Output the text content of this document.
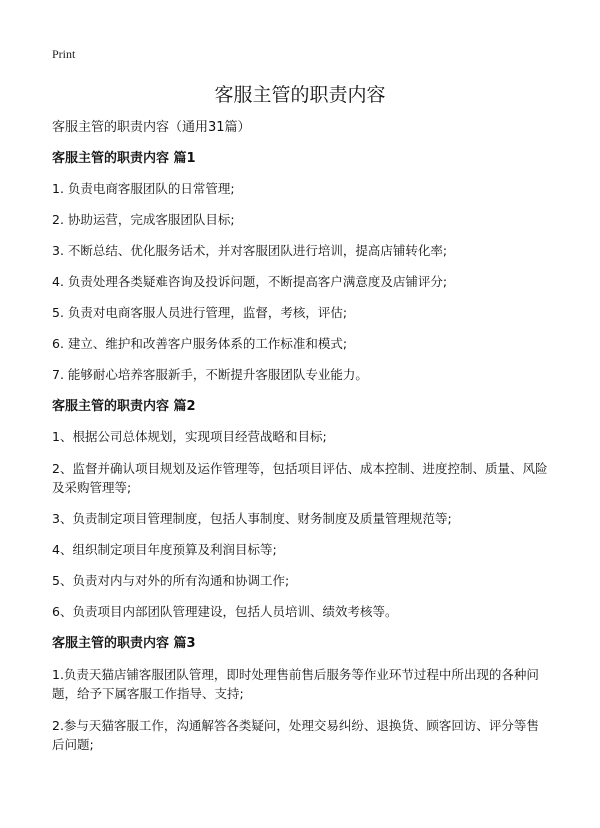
Print
客服主管的职责内容
客服主管的职责内容（通用31篇）
客服主管的职责内容 篇1
1. 负责电商客服团队的日常管理;
2. 协助运营，完成客服团队目标;
3. 不断总结、优化服务话术，并对客服团队进行培训，提高店铺转化率;
4. 负责处理各类疑难咨询及投诉问题，不断提高客户满意度及店铺评分;
5. 负责对电商客服人员进行管理，监督，考核，评估;
6. 建立、维护和改善客户服务体系的工作标准和模式;
7. 能够耐心培养客服新手，不断提升客服团队专业能力。
客服主管的职责内容 篇2
1、根据公司总体规划，实现项目经营战略和目标;
2、监督并确认项目规划及运作管理等，包括项目评估、成本控制、进度控制、质量、风险及采购管理等;
3、负责制定项目管理制度，包括人事制度、财务制度及质量管理规范等;
4、组织制定项目年度预算及利润目标等;
5、负责对内与对外的所有沟通和协调工作;
6、负责项目内部团队管理建设，包括人员培训、绩效考核等。
客服主管的职责内容 篇3
1.负责天猫店铺客服团队管理，即时处理售前售后服务等作业环节过程中所出现的各种问题，给予下属客服工作指导、支持;
2.参与天猫客服工作，沟通解答各类疑问，处理交易纠纷、退换货、顾客回访、评分等售后问题;
